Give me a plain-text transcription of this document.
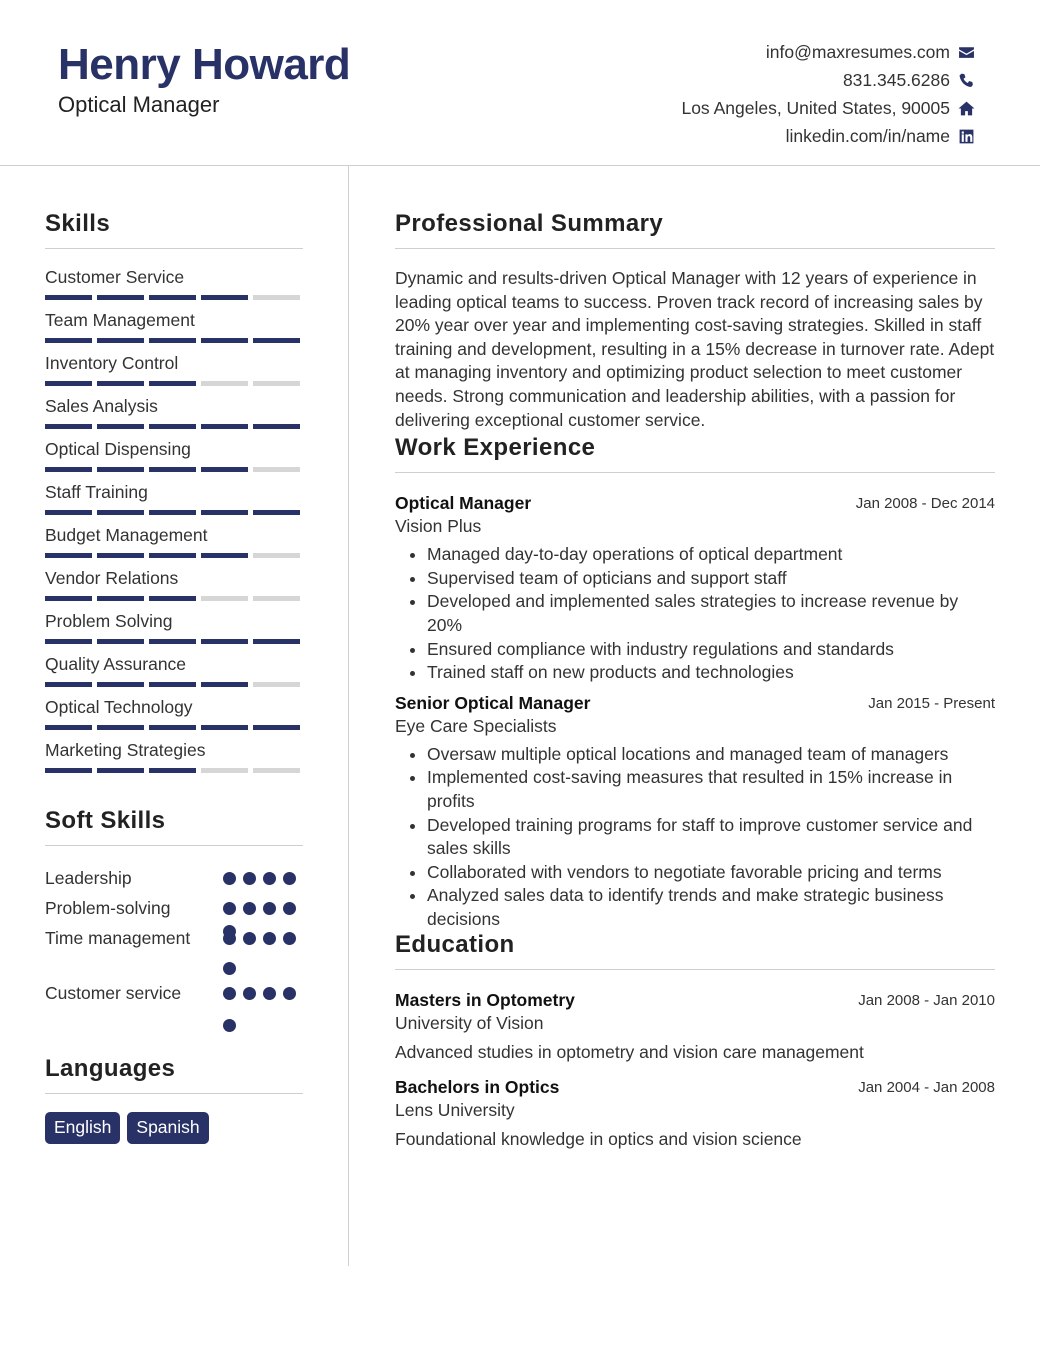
Henry Howard
Optical Manager
info@maxresumes.com
831.345.6286
Los Angeles, United States, 90005
linkedin.com/in/name
Skills
Customer Service
Team Management
Inventory Control
Sales Analysis
Optical Dispensing
Staff Training
Budget Management
Vendor Relations
Problem Solving
Quality Assurance
Optical Technology
Marketing Strategies
Soft Skills
Leadership
Problem-solving
Time management
Customer service
Languages
English	Spanish
Professional Summary
Dynamic and results-driven Optical Manager with 12 years of experience in leading optical teams to success. Proven track record of increasing sales by 20% year over year and implementing cost-saving strategies. Skilled in staff training and development, resulting in a 15% decrease in turnover rate. Adept at managing inventory and optimizing product selection to meet customer needs. Strong communication and leadership abilities, with a passion for delivering exceptional customer service.
Work Experience
Optical Manager	Jan 2008 - Dec 2014
Vision Plus
• Managed day-to-day operations of optical department
• Supervised team of opticians and support staff
• Developed and implemented sales strategies to increase revenue by 20%
• Ensured compliance with industry regulations and standards
• Trained staff on new products and technologies
Senior Optical Manager	Jan 2015 - Present
Eye Care Specialists
• Oversaw multiple optical locations and managed team of managers
• Implemented cost-saving measures that resulted in 15% increase in profits
• Developed training programs for staff to improve customer service and sales skills
• Collaborated with vendors to negotiate favorable pricing and terms
• Analyzed sales data to identify trends and make strategic business decisions
Education
Masters in Optometry	Jan 2008 - Jan 2010
University of Vision
Advanced studies in optometry and vision care management
Bachelors in Optics	Jan 2004 - Jan 2008
Lens University
Foundational knowledge in optics and vision science
